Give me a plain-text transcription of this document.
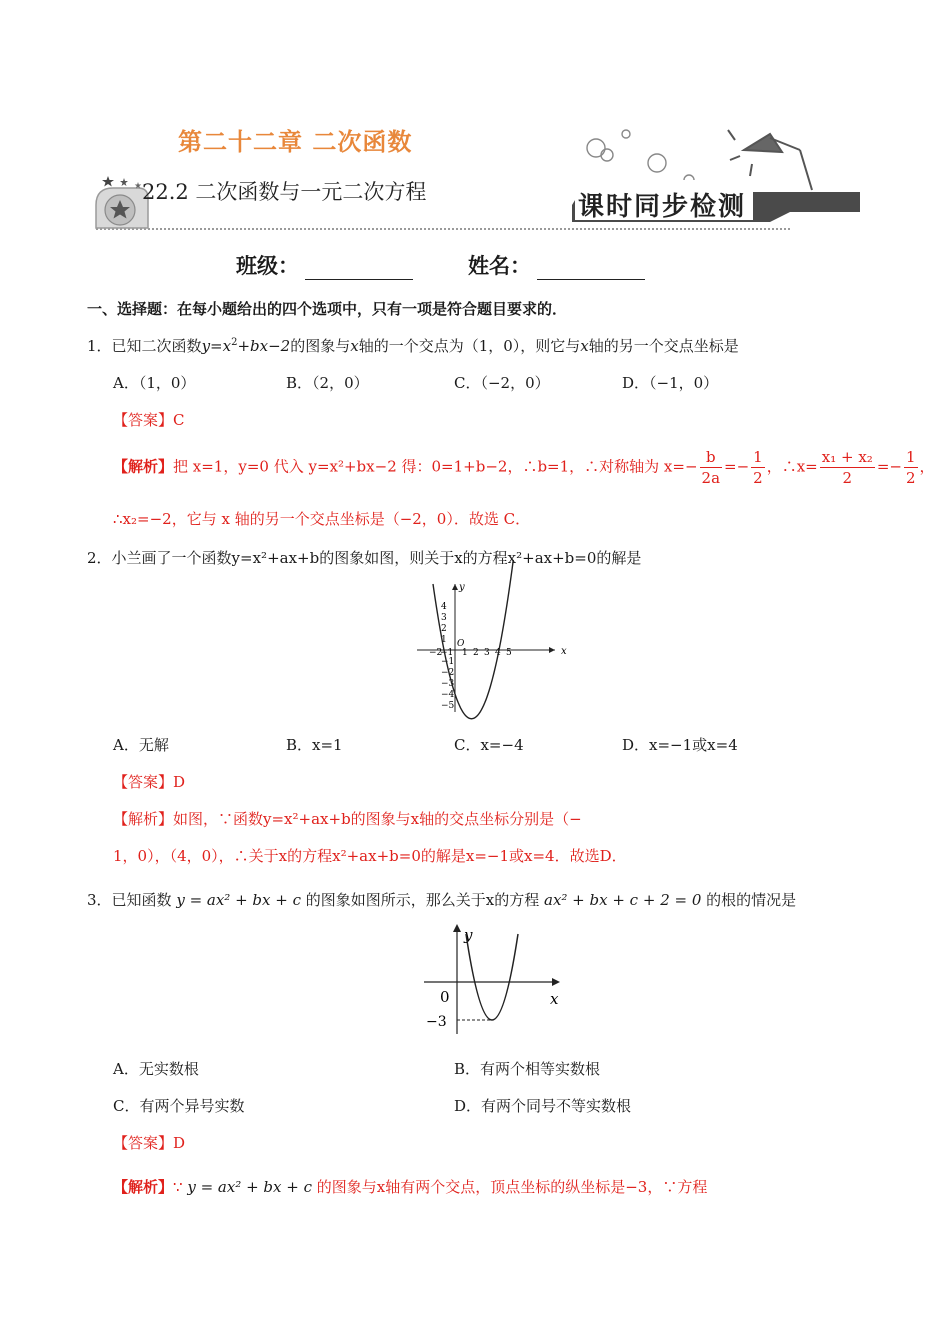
第二十二章 二次函数
22.2 二次函数与一元二次方程	课时同步检测
班级：	姓名：
一、选择题：在每小题给出的四个选项中，只有一项是符合题目要求的．
1．已知二次函数$y=x^2+bx-2$的图象与x轴的一个交点为（1，0），则它与x轴的另一个交点坐标是
A．（1，0）	B．（2，0）	C．（−2，0）	D．（−1，0）
【答案】C
【解析】把 x=1，y=0 代入 y=x²+bx−2 得：0=1+b−2，∴b=1，∴对称轴为 $x=- \frac{b}{2a} =- \frac{1}{2}$ ，∴x= $\frac{\text{x₁ + x₂}}{2} =- \frac{1}{2}$ ，
∴x₂=−2，它与 x 轴的另一个交点坐标是（−2，0）．故选 C．
2．小兰画了一个函数y=x²+ax+b的图象如图，则关于x的方程x²+ax+b=0的解是
x
y
O
−2
−1 1 2 3 4 5
4
3
2
1
−1
−2
−3
−4
−5
A．无解	B．x=1	C．x=−4	D．x=−1或x=4
【答案】D
【解析】如图，∵函数y=x²+ax+b的图象与x轴的交点坐标分别是（−
1，0），（4，0），∴关于x的方程x²+ax+b=0的解是x=−1或x=4．故选D．
3．已知函数 y = ax² + bx + c 的图象如图所示，那么关于x的方程 ax² + bx + c + 2 = 0 的根的情况是
y
x
0
−3
A．无实数根	B．有两个相等实数根
C．有两个异号实数	D．有两个同号不等实数根
【答案】D
【解析】∵ y = ax² + bx + c 的图象与x轴有两个交点，顶点坐标的纵坐标是−3，∵方程
